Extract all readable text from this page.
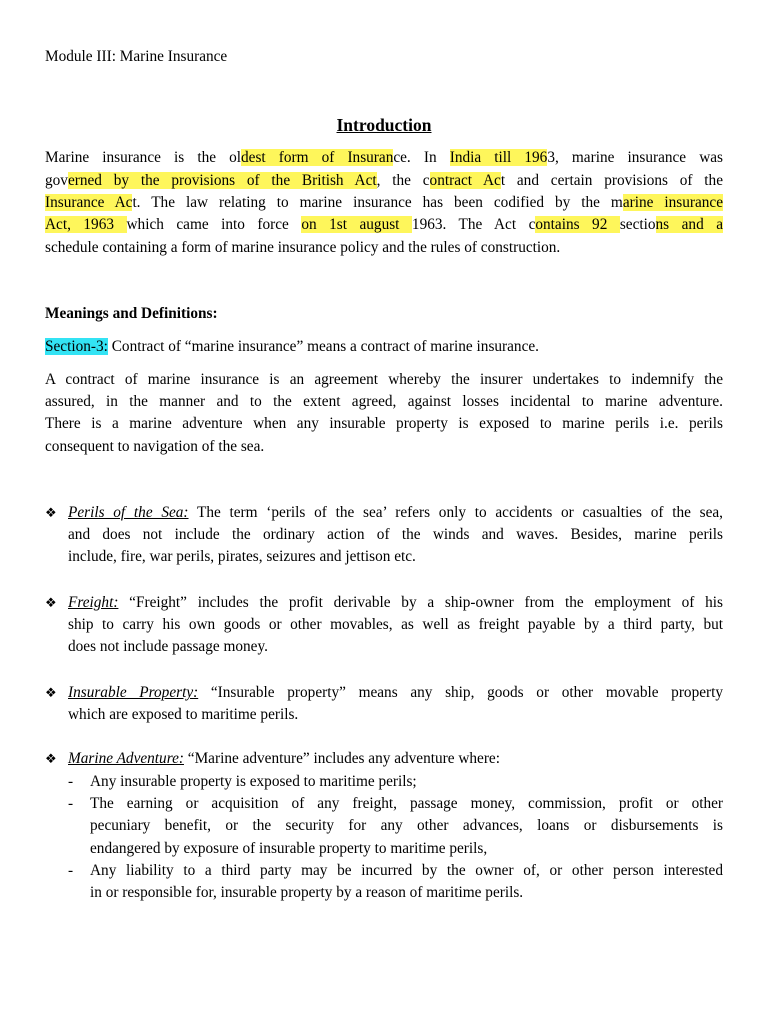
Module III: Marine Insurance
Introduction
Marine insurance is the oldest form of Insurance. In India till 1963, marine insurance was
governed by the provisions of the British Act, the contract Act and certain provisions of the
Insurance Act. The law relating to marine insurance has been codified by the marine insurance
Act, 1963 which came into force on 1st august 1963. The Act contains 92 sections and a
schedule containing a form of marine insurance policy and the rules of construction.
Meanings and Definitions:
Section-3: Contract of “marine insurance” means a contract of marine insurance.
A contract of marine insurance is an agreement whereby the insurer undertakes to indemnify the
assured, in the manner and to the extent agreed, against losses incidental to marine adventure.
There is a marine adventure when any insurable property is exposed to marine perils i.e. perils
consequent to navigation of the sea.
❖ Perils of the Sea: The term ‘perils of the sea’ refers only to accidents or casualties of the sea,
and does not include the ordinary action of the winds and waves. Besides, marine perils
include, fire, war perils, pirates, seizures and jettison etc.
❖ Freight: “Freight” includes the profit derivable by a ship-owner from the employment of his
ship to carry his own goods or other movables, as well as freight payable by a third party, but
does not include passage money.
❖ Insurable Property: “Insurable property” means any ship, goods or other movable property
which are exposed to maritime perils.
❖ Marine Adventure: “Marine adventure” includes any adventure where:
- Any insurable property is exposed to maritime perils;
- The earning or acquisition of any freight, passage money, commission, profit or other
pecuniary benefit, or the security for any other advances, loans or disbursements is
endangered by exposure of insurable property to maritime perils,
- Any liability to a third party may be incurred by the owner of, or other person interested
in or responsible for, insurable property by a reason of maritime perils.
